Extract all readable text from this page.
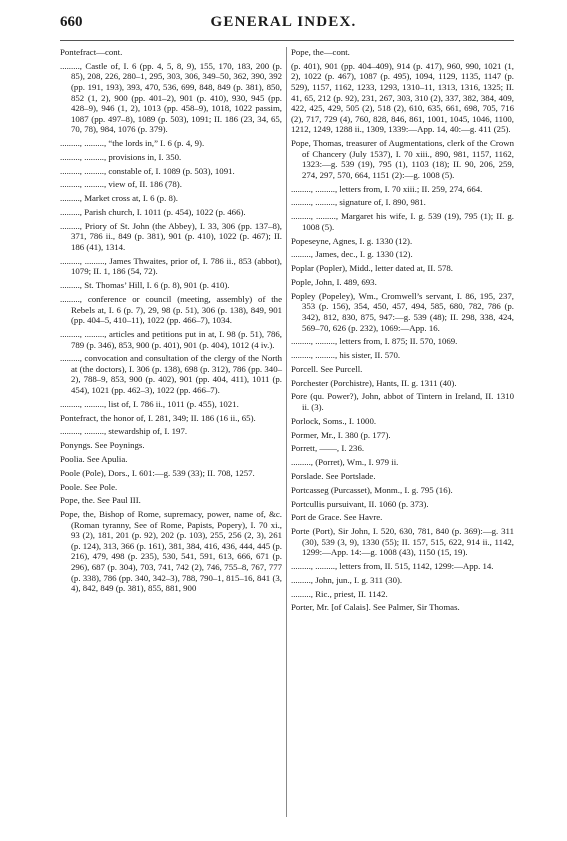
660	GENERAL INDEX.
Pontefract—cont.
........., Castle of, I. 6 (pp. 4, 5, 8, 9), 155, 170, 183, 200 (p. 85), 208, 226, 280–1, 295, 303, 306, 349–50, 362, 390, 392 (pp. 191, 193), 393, 470, 536, 699, 848, 849 (p. 381), 850, 852 (1, 2), 900 (pp. 401–2), 901 (p. 410), 930, 945 (pp. 428–9), 946 (1, 2), 1013 (pp. 458–9), 1018, 1022 passim, 1087 (pp. 497–8), 1089 (p. 503), 1091; II. 186 (23, 34, 65, 70, 78), 984, 1076 (p. 379).
........., ........., “the lords in,” I. 6 (p. 4, 9).
........., ........., provisions in, I. 350.
........., ........., constable of, I. 1089 (p. 503), 1091.
........., ........., view of, II. 186 (78).
........., Market cross at, I. 6 (p. 8).
........., Parish church, I. 1011 (p. 454), 1022 (p. 466).
........., Priory of St. John (the Abbey), I. 33, 306 (pp. 137–8), 371, 786 ii., 849 (p. 381), 901 (p. 410), 1022 (p. 467); II. 186 (41), 1314.
........., ........., James Thwaites, prior of, I. 786 ii., 853 (abbot), 1079; II. 1, 186 (54, 72).
........., St. Thomas’ Hill, I. 6 (p. 8), 901 (p. 410).
........., conference or council (meeting, assembly) of the Rebels at, I. 6 (p. 7), 29, 98 (p. 51), 306 (p. 138), 849, 901 (pp. 404–5, 410–11), 1022 (pp. 466–7), 1034.
........., ........., articles and petitions put in at, I. 98 (p. 51), 786, 789 (p. 346), 853, 900 (p. 401), 901 (p. 404), 1012 (4 iv.).
........., convocation and consultation of the clergy of the North at (the doctors), I. 306 (p. 138), 698 (p. 312), 786 (pp. 340–2), 788–9, 853, 900 (p. 402), 901 (pp. 404, 411), 1011 (p. 454), 1021 (pp. 462–3), 1022 (pp. 466–7).
........., ........., list of, I. 786 ii., 1011 (p. 455), 1021.
Pontefract, the honor of, I. 281, 349; II. 186 (16 ii., 65).
........., ........., stewardship of, I. 197.
Ponyngs. See Poynings.
Poolia. See Apulia.
Poole (Pole), Dors., I. 601:—g. 539 (33); II. 708, 1257.
Poole. See Pole.
Pope, the. See Paul III.
Pope, the, Bishop of Rome, supremacy, power, name of, &c. (Roman tyranny, See of Rome, Papists, Popery), I. 70 xi., 93 (2), 181, 201 (p. 92), 202 (p. 103), 255, 256 (2, 3), 261 (p. 124), 313, 366 (p. 161), 381, 384, 416, 436, 444, 445 (p. 216), 479, 498 (p. 235), 530, 541, 591, 613, 666, 671 (p. 296), 687 (p. 304), 703, 741, 742 (2), 746, 755–8, 767, 777 (p. 338), 786 (pp. 340, 342–3), 788, 790–1, 815–16, 841 (3, 4), 842, 849 (p. 381), 855, 881, 900
Pope, the—cont.
(p. 401), 901 (pp. 404–409), 914 (p. 417), 960, 990, 1021 (1, 2), 1022 (p. 467), 1087 (p. 495), 1094, 1129, 1135, 1147 (p. 529), 1157, 1162, 1233, 1293, 1310–11, 1313, 1316, 1325; II. 41, 65, 212 (p. 92), 231, 267, 303, 310 (2), 337, 382, 384, 409, 422, 425, 429, 505 (2), 518 (2), 610, 635, 661, 698, 705, 716 (2), 717, 729 (4), 760, 828, 846, 861, 1001, 1045, 1046, 1100, 1212, 1249, 1288 ii., 1309, 1339:—App. 14, 40:—g. 411 (25).
Pope, Thomas, treasurer of Augmentations, clerk of the Crown of Chancery (July 1537), I. 70 xiii., 890, 981, 1157, 1162, 1323:—g. 539 (19), 795 (1), 1103 (18); II. 90, 206, 259, 274, 297, 570, 664, 1151 (2):—g. 1008 (5).
........., ........., letters from, I. 70 xiii.; II. 259, 274, 664.
........., ........., signature of, I. 890, 981.
........., ........., Margaret his wife, I. g. 539 (19), 795 (1); II. g. 1008 (5).
Popeseyne, Agnes, I. g. 1330 (12).
........., James, dec., I. g. 1330 (12).
Poplar (Popler), Midd., letter dated at, II. 578.
Pople, John, I. 489, 693.
Popley (Popeley), Wm., Cromwell’s servant, I. 86, 195, 237, 353 (p. 156), 354, 450, 457, 494, 585, 680, 782, 786 (p. 342), 812, 830, 875, 947:—g. 539 (48); II. 298, 338, 424, 569–70, 626 (p. 232), 1069:—App. 16.
........., ........., letters from, I. 875; II. 570, 1069.
........., ........., his sister, II. 570.
Porcell. See Purcell.
Porchester (Porchistre), Hants, II. g. 1311 (40).
Pore (qu. Power?), John, abbot of Tintern in Ireland, II. 1310 ii. (3).
Porlock, Soms., I. 1000.
Pormer, Mr., I. 380 (p. 177).
Porrett, ——, I. 236.
........., (Porret), Wm., I. 979 ii.
Porslade. See Portslade.
Portcasseg (Purcasset), Monm., I. g. 795 (16).
Portcullis pursuivant, II. 1060 (p. 373).
Port de Grace. See Havre.
Porte (Port), Sir John, I. 520, 630, 781, 840 (p. 369):—g. 311 (30), 539 (3, 9), 1330 (55); II. 157, 515, 622, 914 ii., 1142, 1299:—App. 14:—g. 1008 (43), 1150 (15, 19).
........., ........., letters from, II. 515, 1142, 1299:—App. 14.
........., John, jun., I. g. 311 (30).
........., Ric., priest, II. 1142.
Porter, Mr. [of Calais]. See Palmer, Sir Thomas.
